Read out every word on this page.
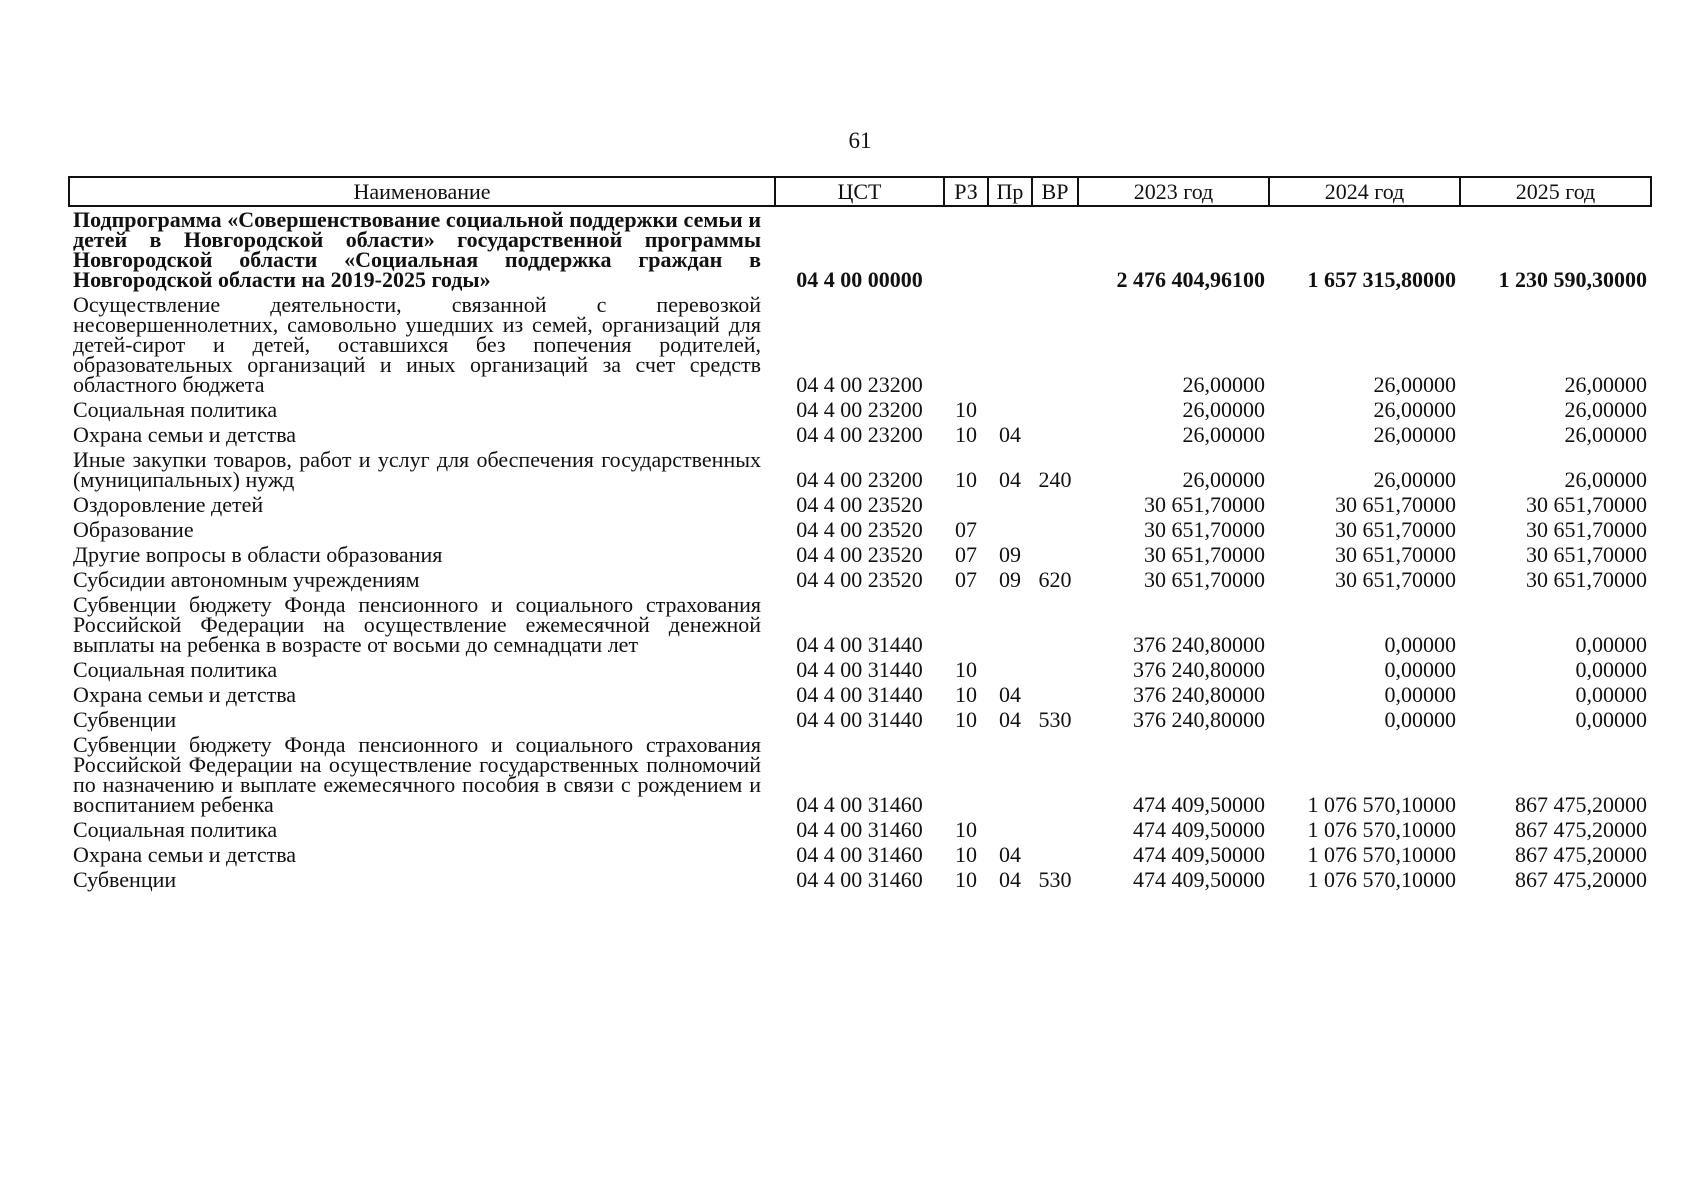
61
Наименование	ЦСТ	РЗ	Пр	ВР	2023 год	2024 год	2025 год
Подпрограмма «Совершенствование социальной поддержки семьи и детей в Новгородской области» государственной программы Новгородской области «Социальная поддержка граждан в Новгородской области на 2019-2025 годы»	04 4 00 00000				2 476 404,96100	1 657 315,80000	1 230 590,30000
Осуществление деятельности, связанной с перевозкой несовершеннолетних, самовольно ушедших из семей, организаций для детей-сирот и детей, оставшихся без попечения родителей, образовательных организаций и иных организаций за счет средств областного бюджета	04 4 00 23200				26,00000	26,00000	26,00000
Социальная политика	04 4 00 23200	10			26,00000	26,00000	26,00000
Охрана семьи и детства	04 4 00 23200	10	04		26,00000	26,00000	26,00000
Иные закупки товаров, работ и услуг для обеспечения государственных (муниципальных) нужд	04 4 00 23200	10	04	240	26,00000	26,00000	26,00000
Оздоровление детей	04 4 00 23520				30 651,70000	30 651,70000	30 651,70000
Образование	04 4 00 23520	07			30 651,70000	30 651,70000	30 651,70000
Другие вопросы в области образования	04 4 00 23520	07	09		30 651,70000	30 651,70000	30 651,70000
Субсидии автономным учреждениям	04 4 00 23520	07	09	620	30 651,70000	30 651,70000	30 651,70000
Субвенции бюджету Фонда пенсионного и социального страхования Российской Федерации на осуществление ежемесячной денежной выплаты на ребенка в возрасте от восьми до семнадцати лет	04 4 00 31440				376 240,80000	0,00000	0,00000
Социальная политика	04 4 00 31440	10			376 240,80000	0,00000	0,00000
Охрана семьи и детства	04 4 00 31440	10	04		376 240,80000	0,00000	0,00000
Субвенции	04 4 00 31440	10	04	530	376 240,80000	0,00000	0,00000
Субвенции бюджету Фонда пенсионного и социального страхования Российской Федерации на осуществление государственных полномочий по назначению и выплате ежемесячного пособия в связи с рождением и воспитанием ребенка	04 4 00 31460				474 409,50000	1 076 570,10000	867 475,20000
Социальная политика	04 4 00 31460	10			474 409,50000	1 076 570,10000	867 475,20000
Охрана семьи и детства	04 4 00 31460	10	04		474 409,50000	1 076 570,10000	867 475,20000
Субвенции	04 4 00 31460	10	04	530	474 409,50000	1 076 570,10000	867 475,20000
